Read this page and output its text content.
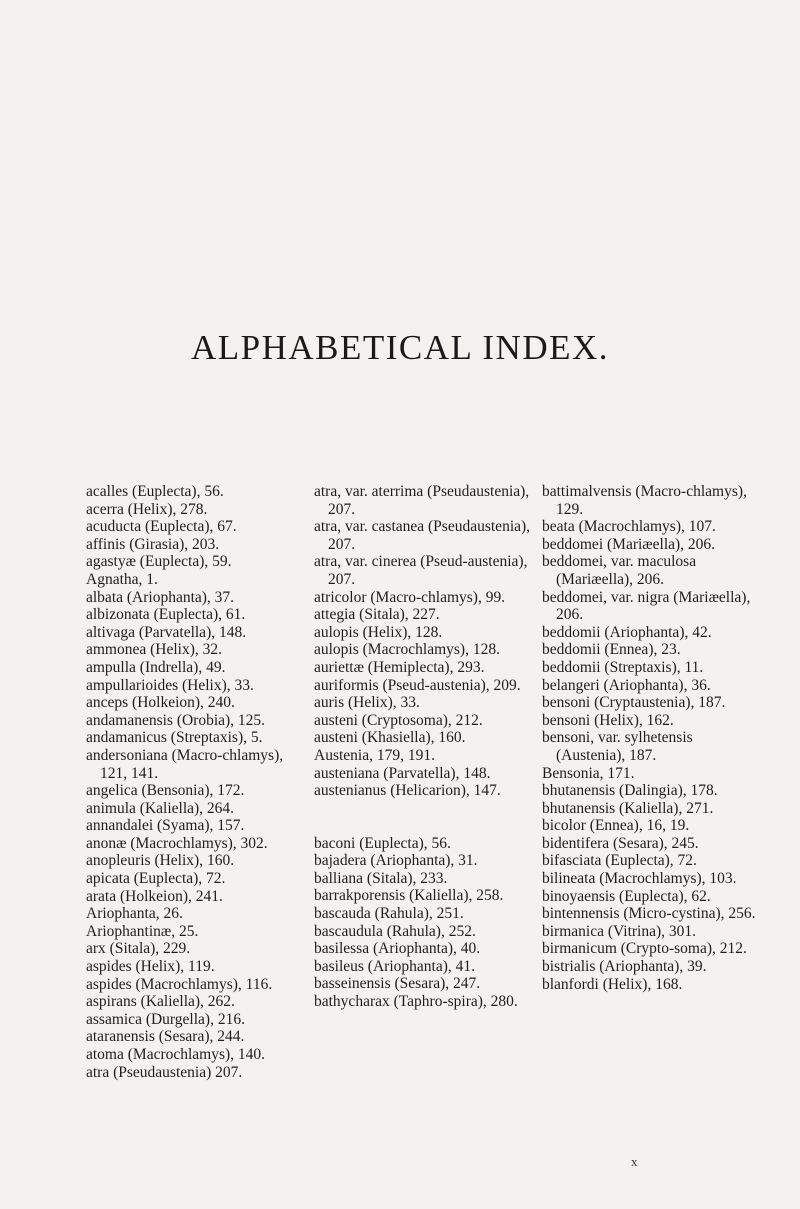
ALPHABETICAL INDEX.
acalles (Euplecta), 56.
acerra (Helix), 278.
acuducta (Euplecta), 67.
affinis (Girasia), 203.
agastyæ (Euplecta), 59.
Agnatha, 1.
albata (Ariophanta), 37.
albizonata (Euplecta), 61.
altivaga (Parvatella), 148.
ammonea (Helix), 32.
ampulla (Indrella), 49.
ampullarioides (Helix), 33.
anceps (Holkeion), 240.
andamanensis (Orobia), 125.
andamanicus (Streptaxis), 5.
andersoniana (Macro-chlamys), 121, 141.
angelica (Bensonia), 172.
animula (Kaliella), 264.
annandalei (Syama), 157.
anonæ (Macrochlamys), 302.
anopleuris (Helix), 160.
apicata (Euplecta), 72.
arata (Holkeion), 241.
Ariophanta, 26.
Ariophantinæ, 25.
arx (Sitala), 229.
aspides (Helix), 119.
aspides (Macrochlamys), 116.
aspirans (Kaliella), 262.
assamica (Durgella), 216.
ataranensis (Sesara), 244.
atoma (Macrochlamys), 140.
atra (Pseudaustenia) 207.
atra, var. aterrima (Pseudaustenia), 207.
atra, var. castanea (Pseudaustenia), 207.
atra, var. cinerea (Pseud-austenia), 207.
atricolor (Macro-chlamys), 99.
attegia (Sitala), 227.
aulopis (Helix), 128.
aulopis (Macrochlamys), 128.
auriettæ (Hemiplecta), 293.
auriformis (Pseud-austenia), 209.
auris (Helix), 33.
austeni (Cryptosoma), 212.
austeni (Khasiella), 160.
Austenia, 179, 191.
austeniana (Parvatella), 148.
austenianus (Helicarion), 147.
baconi (Euplecta), 56.
bajadera (Ariophanta), 31.
balliana (Sitala), 233.
barrakporensis (Kaliella), 258.
bascauda (Rahula), 251.
bascaudula (Rahula), 252.
basilessa (Ariophanta), 40.
basileus (Ariophanta), 41.
basseinensis (Sesara), 247.
bathycharax (Taphro-spira), 280.
battimalvensis (Macro-chlamys), 129.
beata (Macrochlamys), 107.
beddomei (Mariæella), 206.
beddomei, var. maculosa (Mariæella), 206.
beddomei, var. nigra (Mariæella), 206.
beddomii (Ariophanta), 42.
beddomii (Ennea), 23.
beddomii (Streptaxis), 11.
belangeri (Ariophanta), 36.
bensoni (Cryptaustenia), 187.
bensoni (Helix), 162.
bensoni, var. sylhetensis (Austenia), 187.
Bensonia, 171.
bhutanensis (Dalingia), 178.
bhutanensis (Kaliella), 271.
bicolor (Ennea), 16, 19.
bidentifera (Sesara), 245.
bifasciata (Euplecta), 72.
bilineata (Macrochlamys), 103.
binoyaensis (Euplecta), 62.
bintennensis (Micro-cystina), 256.
birmanica (Vitrina), 301.
birmanicum (Crypto-soma), 212.
bistrialis (Ariophanta), 39.
blanfordi (Helix), 168.
x
